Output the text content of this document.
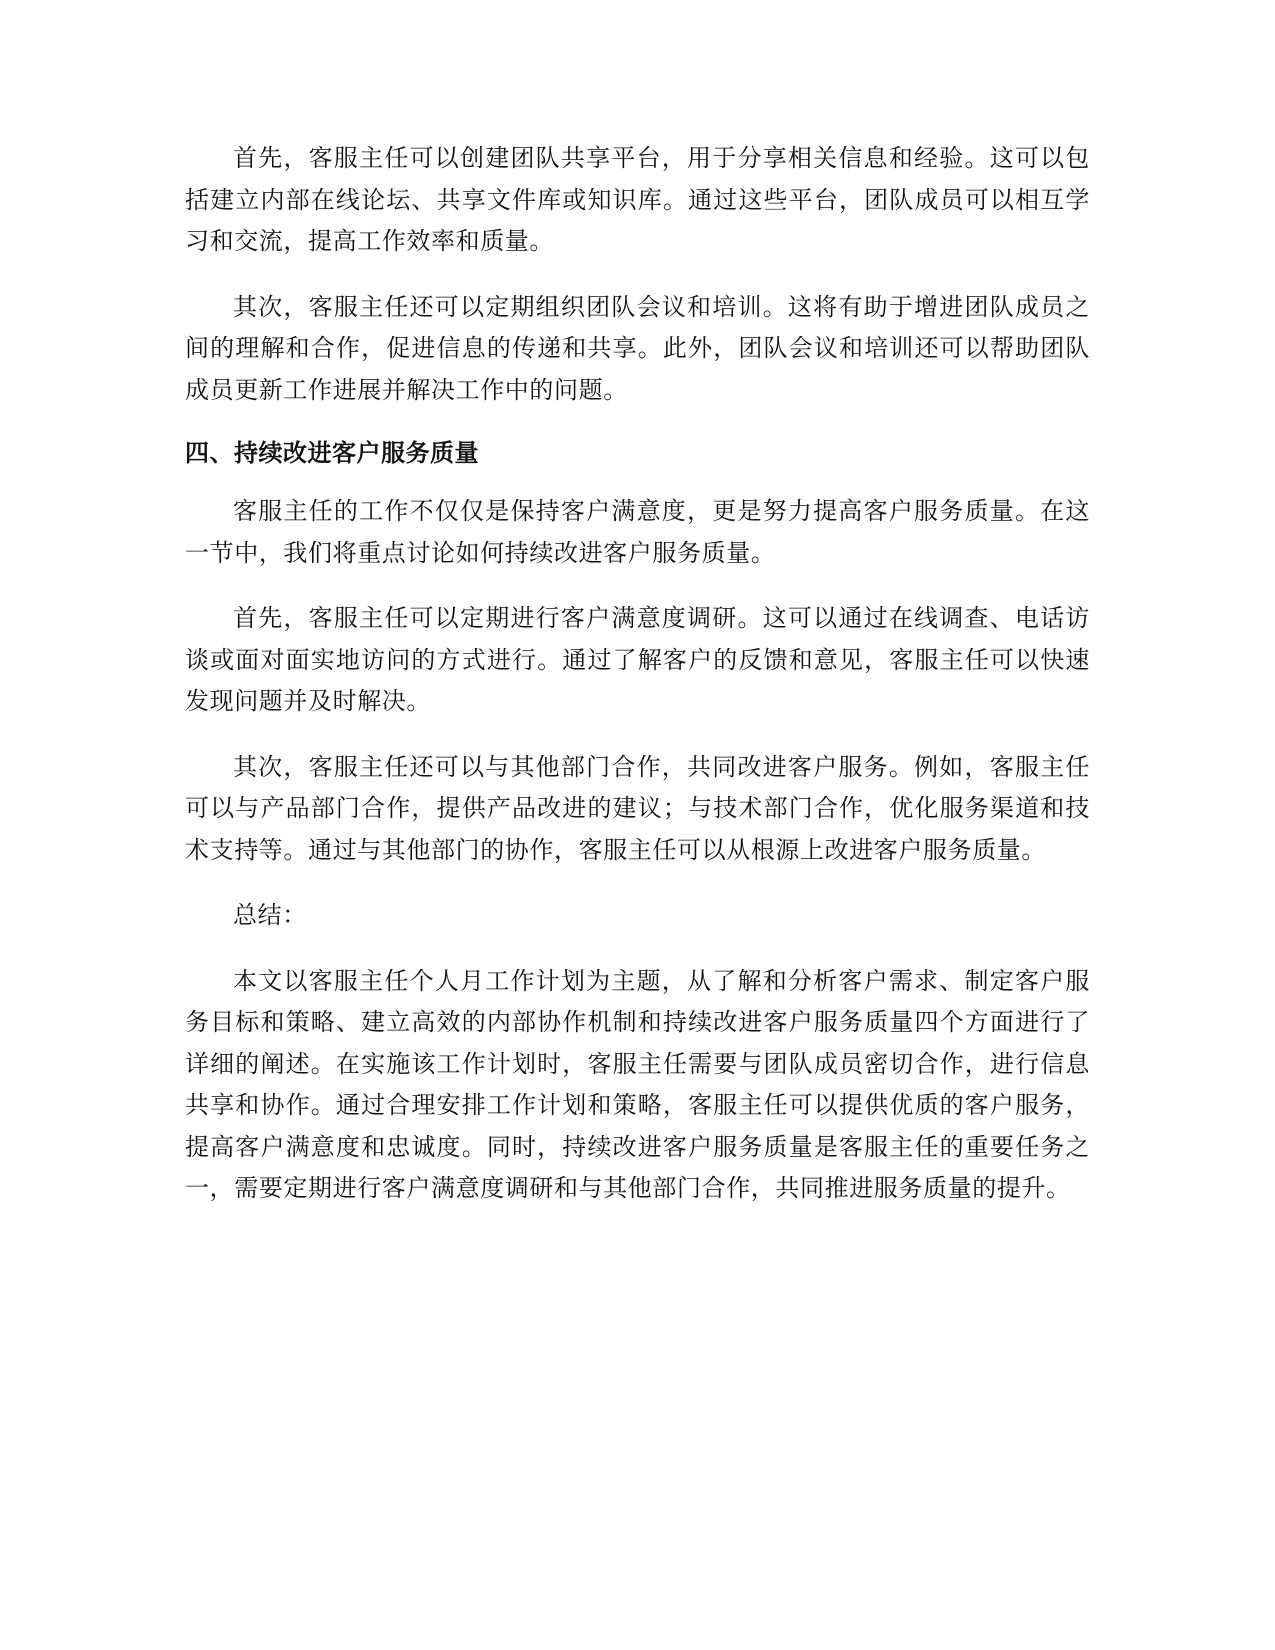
首先，客服主任可以创建团队共享平台，用于分享相关信息和经验。这可以包括建立内部在线论坛、共享文件库或知识库。通过这些平台，团队成员可以相互学习和交流，提高工作效率和质量。

其次，客服主任还可以定期组织团队会议和培训。这将有助于增进团队成员之间的理解和合作，促进信息的传递和共享。此外，团队会议和培训还可以帮助团队成员更新工作进展并解决工作中的问题。

四、持续改进客户服务质量

客服主任的工作不仅仅是保持客户满意度，更是努力提高客户服务质量。在这一节中，我们将重点讨论如何持续改进客户服务质量。

首先，客服主任可以定期进行客户满意度调研。这可以通过在线调查、电话访谈或面对面实地访问的方式进行。通过了解客户的反馈和意见，客服主任可以快速发现问题并及时解决。

其次，客服主任还可以与其他部门合作，共同改进客户服务。例如，客服主任可以与产品部门合作，提供产品改进的建议；与技术部门合作，优化服务渠道和技术支持等。通过与其他部门的协作，客服主任可以从根源上改进客户服务质量。

总结：

本文以客服主任个人月工作计划为主题，从了解和分析客户需求、制定客户服务目标和策略、建立高效的内部协作机制和持续改进客户服务质量四个方面进行了详细的阐述。在实施该工作计划时，客服主任需要与团队成员密切合作，进行信息共享和协作。通过合理安排工作计划和策略，客服主任可以提供优质的客户服务，提高客户满意度和忠诚度。同时，持续改进客户服务质量是客服主任的重要任务之一，需要定期进行客户满意度调研和与其他部门合作，共同推进服务质量的提升。
